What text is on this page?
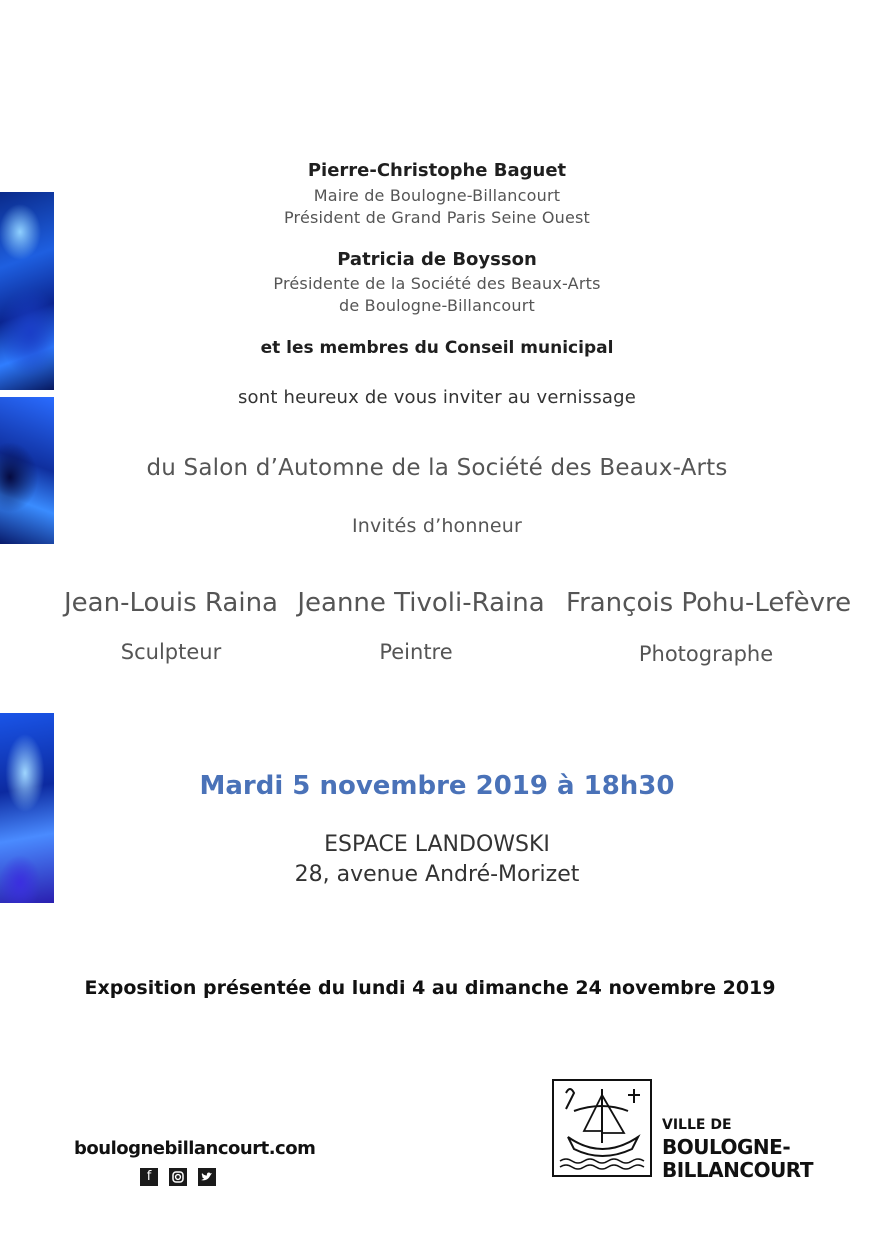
Pierre-Christophe Baguet
Maire de Boulogne-Billancourt
Président de Grand Paris Seine Ouest
Patricia de Boysson
Présidente de la Société des Beaux-Arts
de Boulogne-Billancourt
et les membres du Conseil municipal
sont heureux de vous inviter au vernissage
du Salon d’Automne de la Société des Beaux-Arts
Invités d’honneur
Jean-Louis Raina
Sculpteur
Jeanne Tivoli-Raina
Peintre
François Pohu-Lefèvre
Photographe
Mardi 5 novembre 2019 à 18h30
ESPACE LANDOWSKI
28, avenue André-Morizet
Exposition présentée du lundi 4 au dimanche 24 novembre 2019
boulognebillancourt.com
f
VILLE DE
BOULOGNE-
BILLANCOURT
